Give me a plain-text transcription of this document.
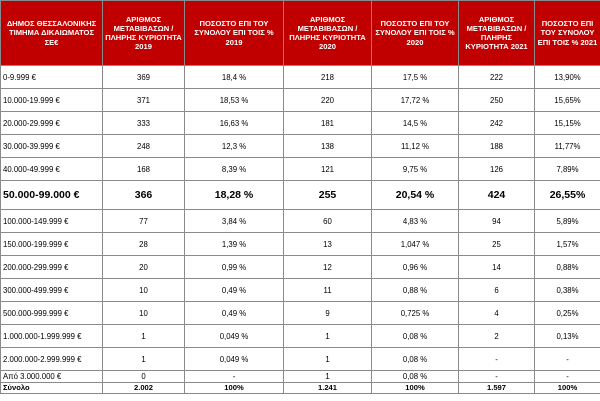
ΔΗΜΟΣ ΘΕΣΣΑΛΟΝΙΚΗΣ ΤΙΜΗΜΑ ΔΙΚΑΙΩΜΑΤΟΣ ΣΕ€	ΑΡΙΘΜΟΣ ΜΕΤΑΒΙΒΑΣΩΝ / ΠΛΗΡΗΣ ΚΥΡΙΟΤΗΤΑ 2019	ΠΟΣΟΣΤΟ ΕΠΙ ΤΟΥ ΣΥΝΟΛΟΥ ΕΠΙ ΤΟΙΣ % 2019	ΑΡΙΘΜΟΣ ΜΕΤΑΒΙΒΑΣΩΝ / ΠΛΗΡΗΣ ΚΥΡΙΟΤΗΤΑ 2020	ΠΟΣΟΣΤΟ ΕΠΙ ΤΟΥ ΣΥΝΟΛΟΥ ΕΠΙ ΤΟΙΣ % 2020	ΑΡΙΘΜΟΣ ΜΕΤΑΒΙΒΑΣΩΝ / ΠΛΗΡΗΣ ΚΥΡΙΟΤΗΤΑ 2021	ΠΟΣΟΣΤΟ ΕΠΙ ΤΟΥ ΣΥΝΟΛΟΥ ΕΠΙ ΤΟΙΣ % 2021
0-9.999 €	369	18,4 %	218	17,5 %	222	13,90%
10.000-19.999 €	371	18,53 %	220	17,72 %	250	15,65%
20.000-29.999 €	333	16,63 %	181	14,5 %	242	15,15%
30.000-39.999 €	248	12,3 %	138	11,12 %	188	11,77%
40.000-49.999 €	168	8,39 %	121	9,75 %	126	7,89%
50.000-99.000 €	366	18,28 %	255	20,54 %	424	26,55%
100.000-149.999 €	77	3,84 %	60	4,83 %	94	5,89%
150.000-199.999 €	28	1,39 %	13	1,047 %	25	1,57%
200.000-299.999 €	20	0,99 %	12	0,96 %	14	0,88%
300.000-499.999 €	10	0,49 %	11	0,88 %	6	0,38%
500.000-999.999 €	10	0,49 %	9	0,725 %	4	0,25%
1.000.000-1.999.999 €	1	0,049 %	1	0,08 %	2	0,13%
2.000.000-2.999.999 €	1	0,049 %	1	0,08 %	-	-
Από 3.000.000 €	0	-	1	0,08 %	-	-
Σύνολο	2.002	100%	1.241	100%	1.597	100%
